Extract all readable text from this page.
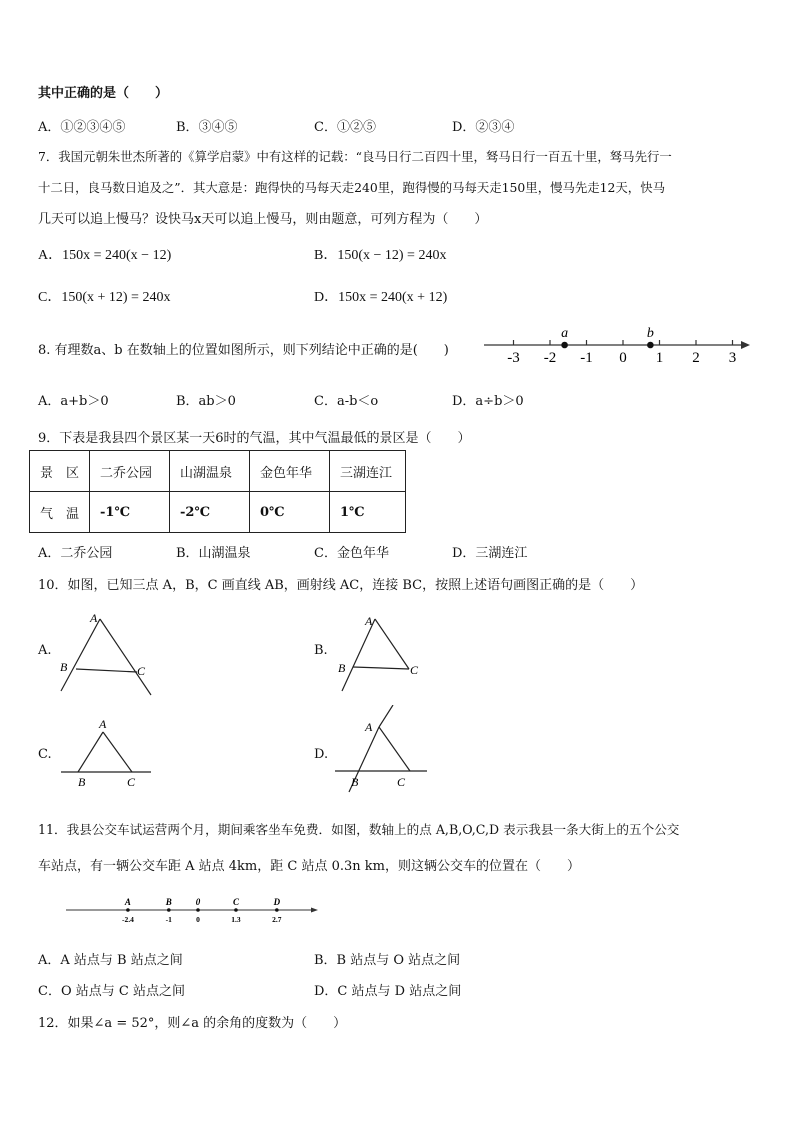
其中正确的是（　　）
A．①②③④⑤	B．③④⑤	C．①②⑤	D．②③④
7．我国元朝朱世杰所著的《算学启蒙》中有这样的记载：“良马日行二百四十里，驽马日行一百五十里，驽马先行一
十二日，良马数日追及之”．其大意是：跑得快的马每天走240里，跑得慢的马每天走150里，慢马先走12天，快马
几天可以追上慢马？设快马x天可以追上慢马，则由题意，可列方程为（　　）
A．150x = 240(x − 12)	B．150(x − 12) = 240x
C．150(x + 12) = 240x	D．150x = 240(x + 12)
8. 有理数a、b 在数轴上的位置如图所示，则下列结论中正确的是(　　)	-3 -2 -1 0 1 2 3
a	b
A．a+b＞0	B．ab＞0	C．a-b＜o	D．a÷b＞0
9．下表是我县四个景区某一天6时的气温，其中气温最低的景区是（　　）
景　区	二乔公园	山湖温泉	金色年华	三湖连江
气　温	-1℃	-2℃	0℃	1℃
A．二乔公园	B．山湖温泉	C．金色年华	D．三湖连江
10．如图，已知三点 A，B，C 画直线 AB，画射线 AC，连接 BC，按照上述语句画图正确的是（　　）
A.
A
B	C
B.
A
B	C
C.
A
B	C
D.
A
B	C
11．我县公交车试运营两个月，期间乘客坐车免费．如图，数轴上的点 A,B,O,C,D 表示我县一条大街上的五个公交
车站点，有一辆公交车距 A 站点 4km，距 C 站点 0.3n km，则这辆公交车的位置在（　　）
A
-2.4
B
-1
0
0
C
1.3
D
2.7
A．A 站点与 B 站点之间	B．B 站点与 O 站点之间
C．O 站点与 C 站点之间	D．C 站点与 D 站点之间
12．如果∠a = 52°，则∠a 的余角的度数为（　　）
